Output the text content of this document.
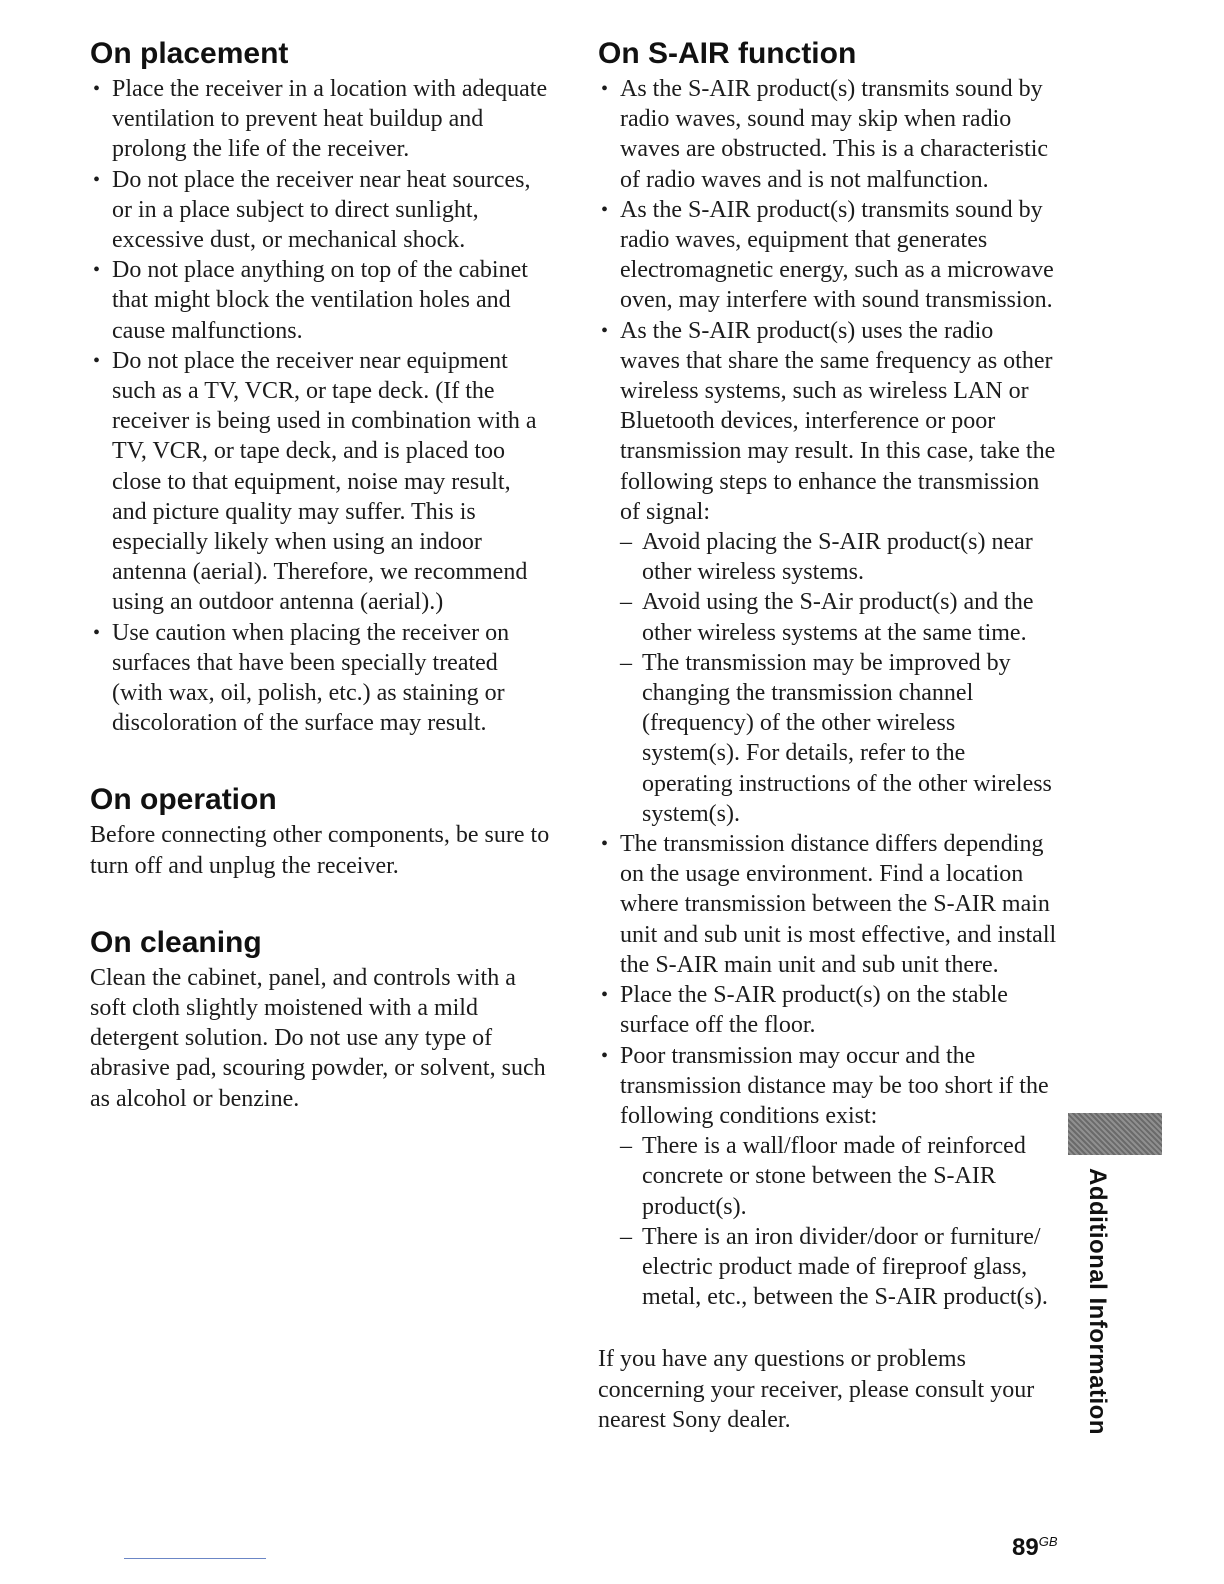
On placement
• Place the receiver in a location with adequate ventilation to prevent heat buildup and prolong the life of the receiver.
• Do not place the receiver near heat sources, or in a place subject to direct sunlight, excessive dust, or mechanical shock.
• Do not place anything on top of the cabinet that might block the ventilation holes and cause malfunctions.
• Do not place the receiver near equipment such as a TV, VCR, or tape deck. (If the receiver is being used in combination with a TV, VCR, or tape deck, and is placed too close to that equipment, noise may result, and picture quality may suffer. This is especially likely when using an indoor antenna (aerial). Therefore, we recommend using an outdoor antenna (aerial).)
• Use caution when placing the receiver on surfaces that have been specially treated (with wax, oil, polish, etc.) as staining or discoloration of the surface may result.
On operation

Before connecting other components, be sure to turn off and unplug the receiver.

On cleaning

Clean the cabinet, panel, and controls with a soft cloth slightly moistened with a mild detergent solution. Do not use any type of abrasive pad, scouring powder, or solvent, such as alcohol or benzine.

On S-AIR function
• As the S-AIR product(s) transmits sound by radio waves, sound may skip when radio waves are obstructed. This is a characteristic of radio waves and is not malfunction.
• As the S-AIR product(s) transmits sound by radio waves, equipment that generates electromagnetic energy, such as a microwave oven, may interfere with sound transmission.
• As the S-AIR product(s) uses the radio waves that share the same frequency as other wireless systems, such as wireless LAN or Bluetooth devices, interference or poor transmission may result. In this case, take the following steps to enhance the transmission of signal:
– Avoid placing the S-AIR product(s) near other wireless systems.
– Avoid using the S-Air product(s) and the other wireless systems at the same time.
– The transmission may be improved by changing the transmission channel (frequency) of the other wireless system(s). For details, refer to the operating instructions of the other wireless system(s).
• The transmission distance differs depending on the usage environment. Find a location where transmission between the S-AIR main unit and sub unit is most effective, and install the S-AIR main unit and sub unit there.
• Place the S-AIR product(s) on the stable surface off the floor.
• Poor transmission may occur and the transmission distance may be too short if the following conditions exist:
– There is a wall/floor made of reinforced concrete or stone between the S-AIR product(s).
– There is an iron divider/door or furniture/ electric product made of fireproof glass, metal, etc., between the S-AIR product(s).

If you have any questions or problems concerning your receiver, please consult your nearest Sony dealer.	Additional Information
$89^{GB}$
